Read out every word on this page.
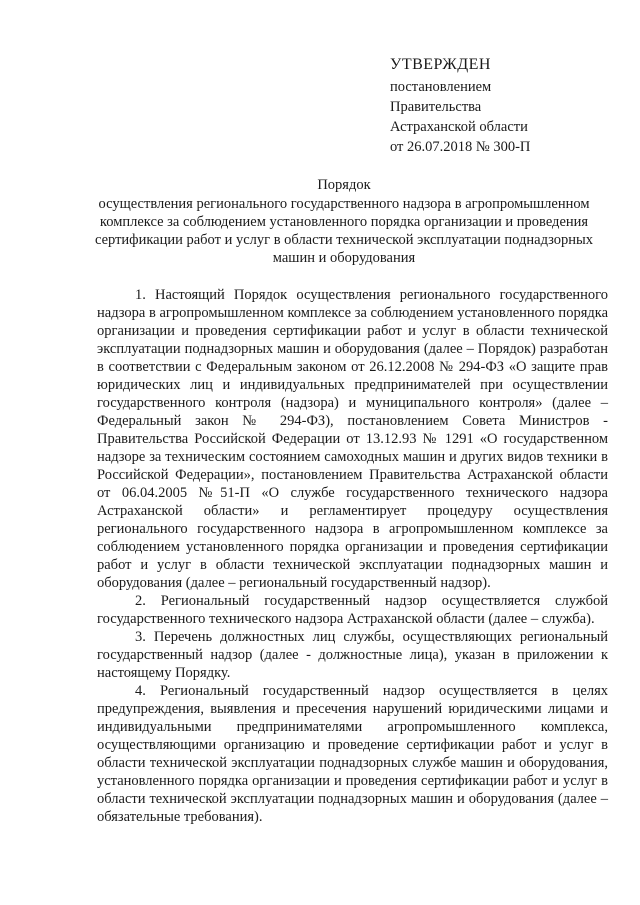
УТВЕРЖДЕН
постановлением
Правительства
Астраханской области
от 26.07.2018 № 300-П
Порядок
осуществления регионального государственного надзора в агропромышленном комплексе за соблюдением установленного порядка организации и проведения сертификации работ и услуг в области технической эксплуатации поднадзорных машин и оборудования

1. Настоящий Порядок осуществления регионального государственного надзора в агропромышленном комплексе за соблюдением установленного порядка организации и проведения сертификации работ и услуг в области технической эксплуатации поднадзорных машин и оборудования (далее – Порядок) разработан в соответствии с Федеральным законом от 26.12.2008 № 294-ФЗ «О защите прав юридических лиц и индивидуальных предпринимателей при осуществлении государственного контроля (надзора) и муниципального контроля» (далее – Федеральный закон № 294-ФЗ), постановлением Совета Министров - Правительства Российской Федерации от 13.12.93 № 1291 «О государственном надзоре за техническим состоянием самоходных машин и других видов техники в Российской Федерации», постановлением Правительства Астраханской области от 06.04.2005 №51-П «О службе государственного технического надзора Астраханской области» и регламентирует процедуру осуществления регионального государственного надзора в агропромышленном комплексе за соблюдением установленного порядка организации и проведения сертификации работ и услуг в области технической эксплуатации поднадзорных машин и оборудования (далее – региональный государственный надзор).

2. Региональный государственный надзор осуществляется службой государственного технического надзора Астраханской области (далее – служба).

3. Перечень должностных лиц службы, осуществляющих региональный государственный надзор (далее - должностные лица), указан в приложении к настоящему Порядку.

4. Региональный государственный надзор осуществляется в целях предупреждения, выявления и пресечения нарушений юридическими лицами и индивидуальными предпринимателями агропромышленного комплекса, осуществляющими организацию и проведение сертификации работ и услуг в области технической эксплуатации поднадзорных службе машин и оборудования, установленного порядка организации и проведения сертификации работ и услуг в области технической эксплуатации поднадзорных машин и оборудования (далее – обязательные требования).
